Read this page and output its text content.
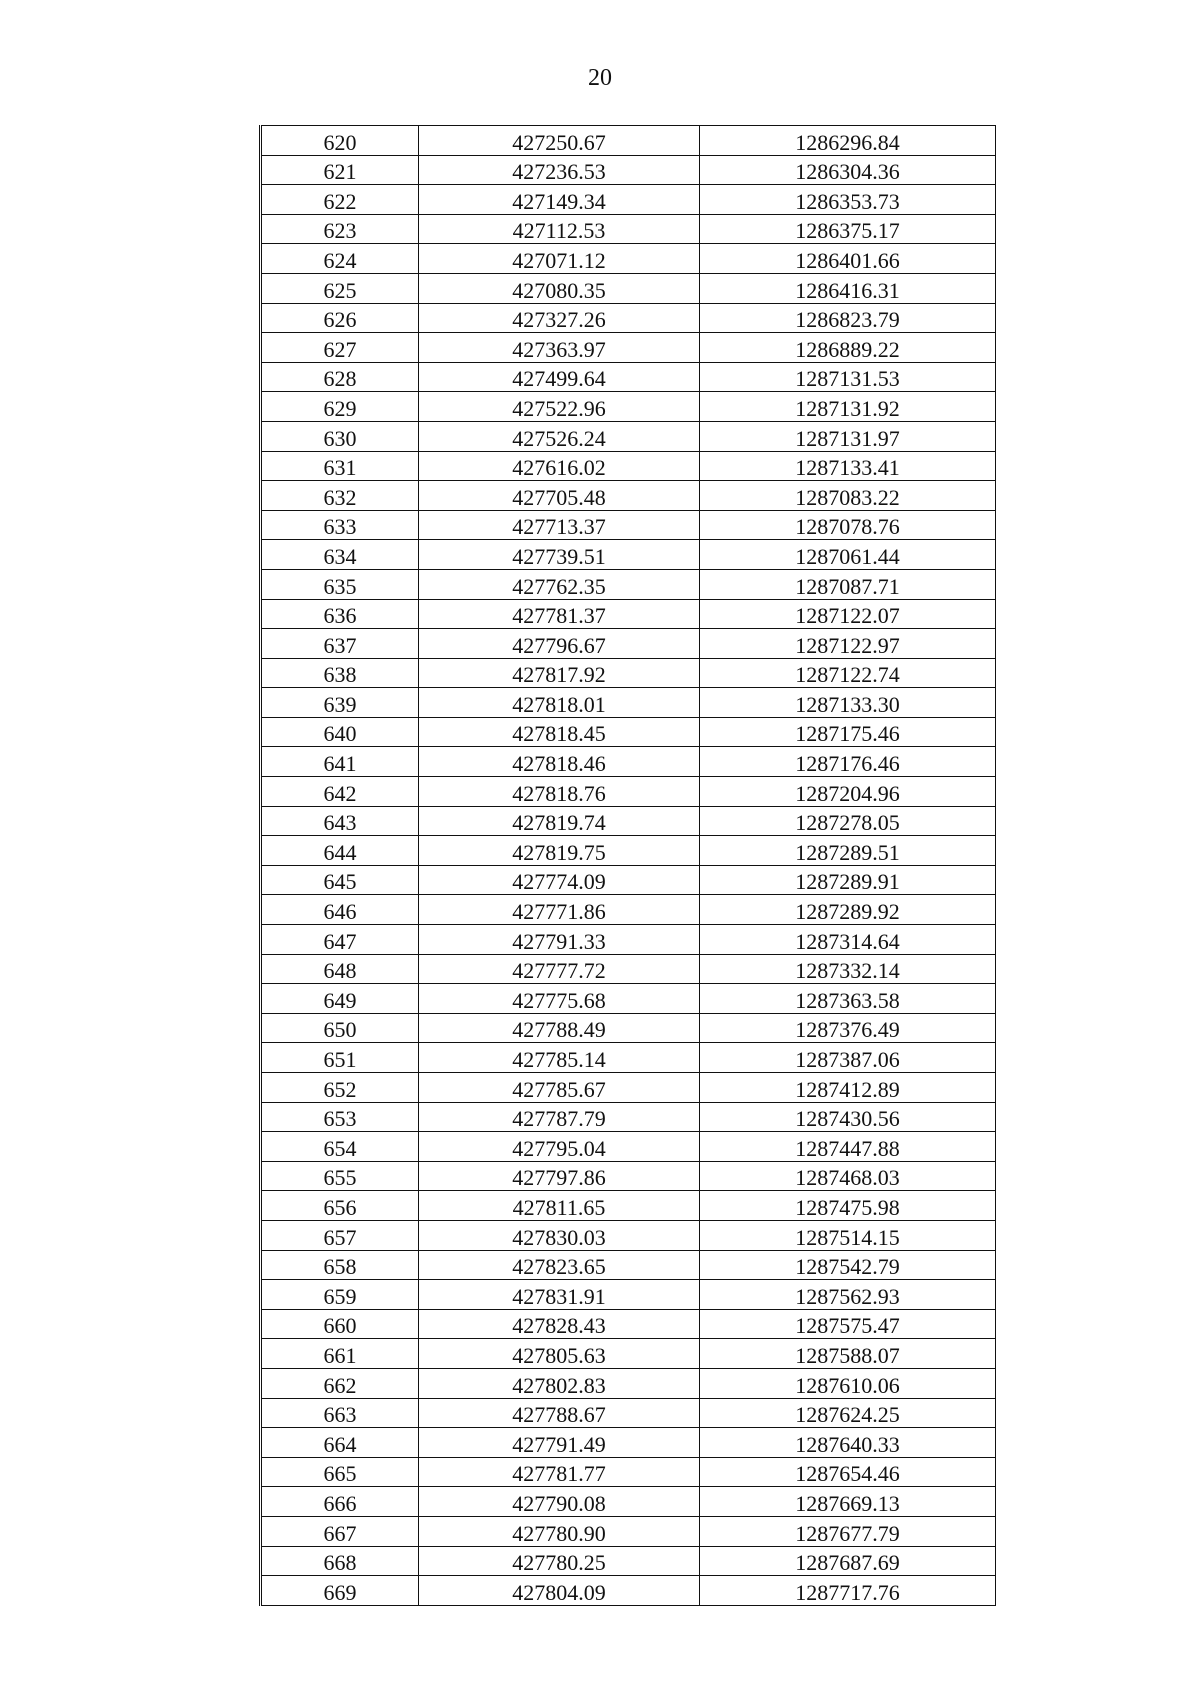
20
620	427250.67	1286296.84
621	427236.53	1286304.36
622	427149.34	1286353.73
623	427112.53	1286375.17
624	427071.12	1286401.66
625	427080.35	1286416.31
626	427327.26	1286823.79
627	427363.97	1286889.22
628	427499.64	1287131.53
629	427522.96	1287131.92
630	427526.24	1287131.97
631	427616.02	1287133.41
632	427705.48	1287083.22
633	427713.37	1287078.76
634	427739.51	1287061.44
635	427762.35	1287087.71
636	427781.37	1287122.07
637	427796.67	1287122.97
638	427817.92	1287122.74
639	427818.01	1287133.30
640	427818.45	1287175.46
641	427818.46	1287176.46
642	427818.76	1287204.96
643	427819.74	1287278.05
644	427819.75	1287289.51
645	427774.09	1287289.91
646	427771.86	1287289.92
647	427791.33	1287314.64
648	427777.72	1287332.14
649	427775.68	1287363.58
650	427788.49	1287376.49
651	427785.14	1287387.06
652	427785.67	1287412.89
653	427787.79	1287430.56
654	427795.04	1287447.88
655	427797.86	1287468.03
656	427811.65	1287475.98
657	427830.03	1287514.15
658	427823.65	1287542.79
659	427831.91	1287562.93
660	427828.43	1287575.47
661	427805.63	1287588.07
662	427802.83	1287610.06
663	427788.67	1287624.25
664	427791.49	1287640.33
665	427781.77	1287654.46
666	427790.08	1287669.13
667	427780.90	1287677.79
668	427780.25	1287687.69
669	427804.09	1287717.76
